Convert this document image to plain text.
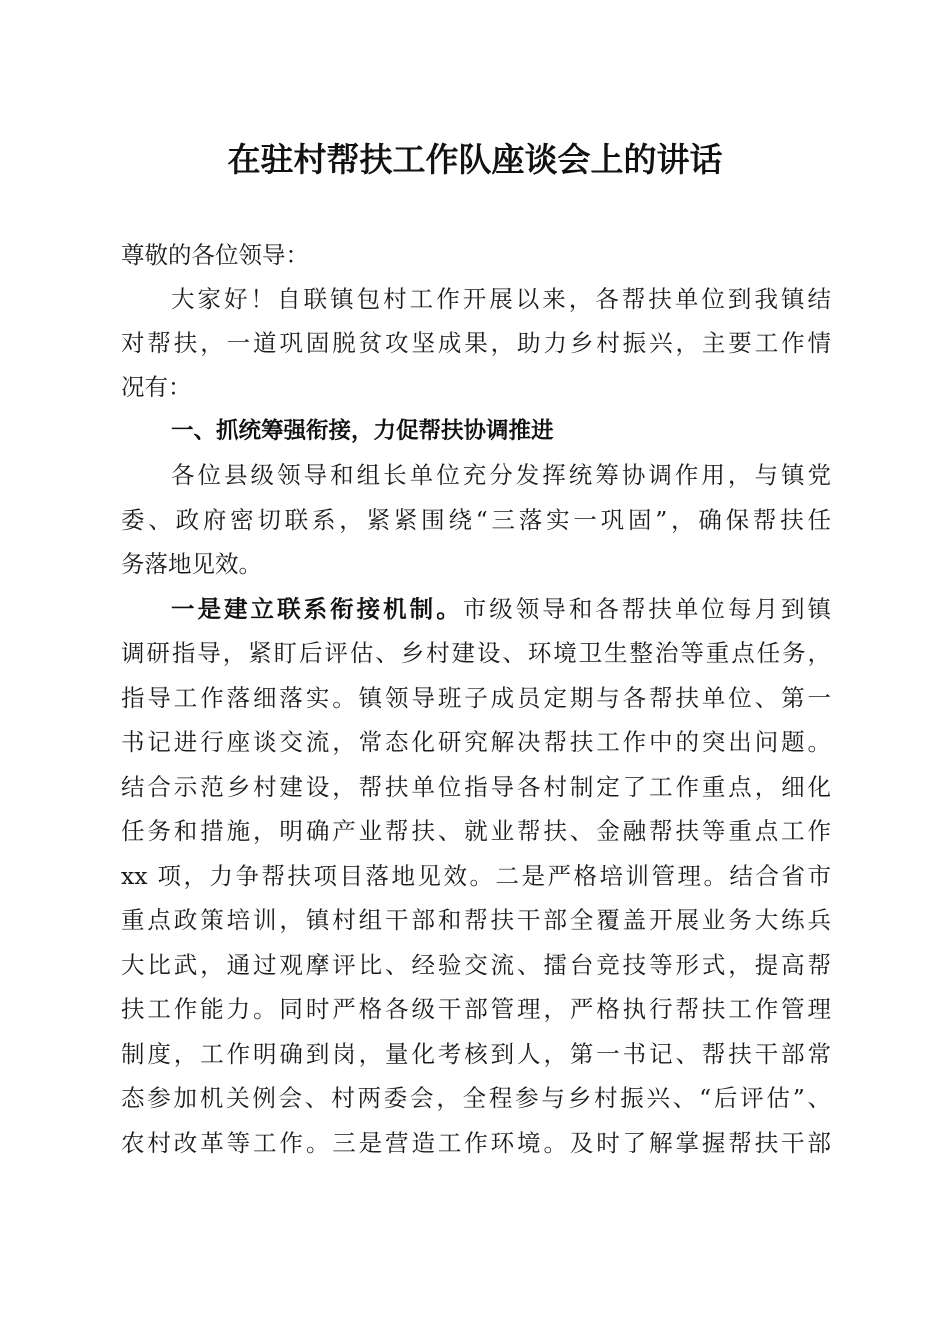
在驻村帮扶工作队座谈会上的讲话
尊敬的各位领导：
大家好！自联镇包村工作开展以来，各帮扶单位到我镇结
对帮扶，一道巩固脱贫攻坚成果，助力乡村振兴，主要工作情
况有：
一、抓统筹强衔接，力促帮扶协调推进
各位县级领导和组长单位充分发挥统筹协调作用，与镇党
委、政府密切联系，紧紧围绕“三落实一巩固”，确保帮扶任
务落地见效。
一是建立联系衔接机制。市级领导和各帮扶单位每月到镇
调研指导，紧盯后评估、乡村建设、环境卫生整治等重点任务，
指导工作落细落实。镇领导班子成员定期与各帮扶单位、第一
书记进行座谈交流，常态化研究解决帮扶工作中的突出问题。
结合示范乡村建设，帮扶单位指导各村制定了工作重点，细化
任务和措施，明确产业帮扶、就业帮扶、金融帮扶等重点工作
xx 项，力争帮扶项目落地见效。二是严格培训管理。结合省市
重点政策培训，镇村组干部和帮扶干部全覆盖开展业务大练兵
大比武，通过观摩评比、经验交流、擂台竞技等形式，提高帮
扶工作能力。同时严格各级干部管理，严格执行帮扶工作管理
制度，工作明确到岗，量化考核到人，第一书记、帮扶干部常
态参加机关例会、村两委会，全程参与乡村振兴、“后评估”、
农村改革等工作。三是营造工作环境。及时了解掌握帮扶干部
